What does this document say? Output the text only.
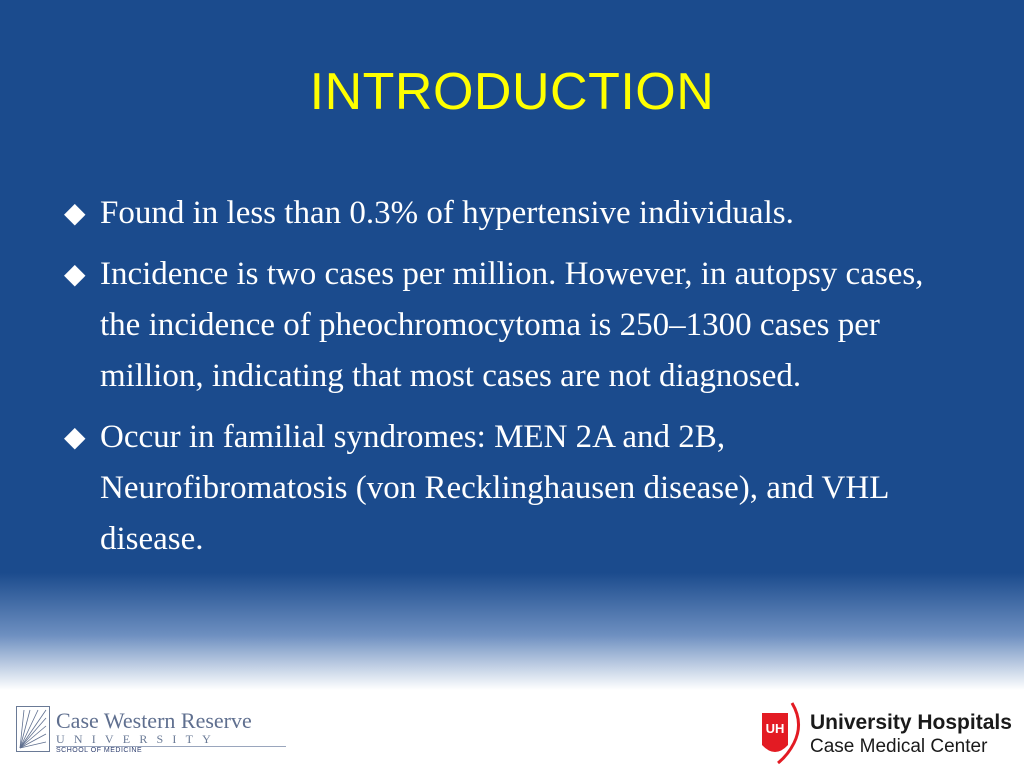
INTRODUCTION

◆ Found in less than 0.3% of hypertensive individuals.

◆ Incidence is two cases per million. However, in autopsy cases, the incidence of pheochromocytoma is 250–1300 cases per million, indicating that most cases are not diagnosed.

◆ Occur in familial syndromes: MEN 2A and 2B, Neurofibromatosis (von Recklinghausen disease), and VHL disease.

Case Western Reserve
UNIVERSITY
SCHOOL OF MEDICINE
UH University Hospitals
Case Medical Center
